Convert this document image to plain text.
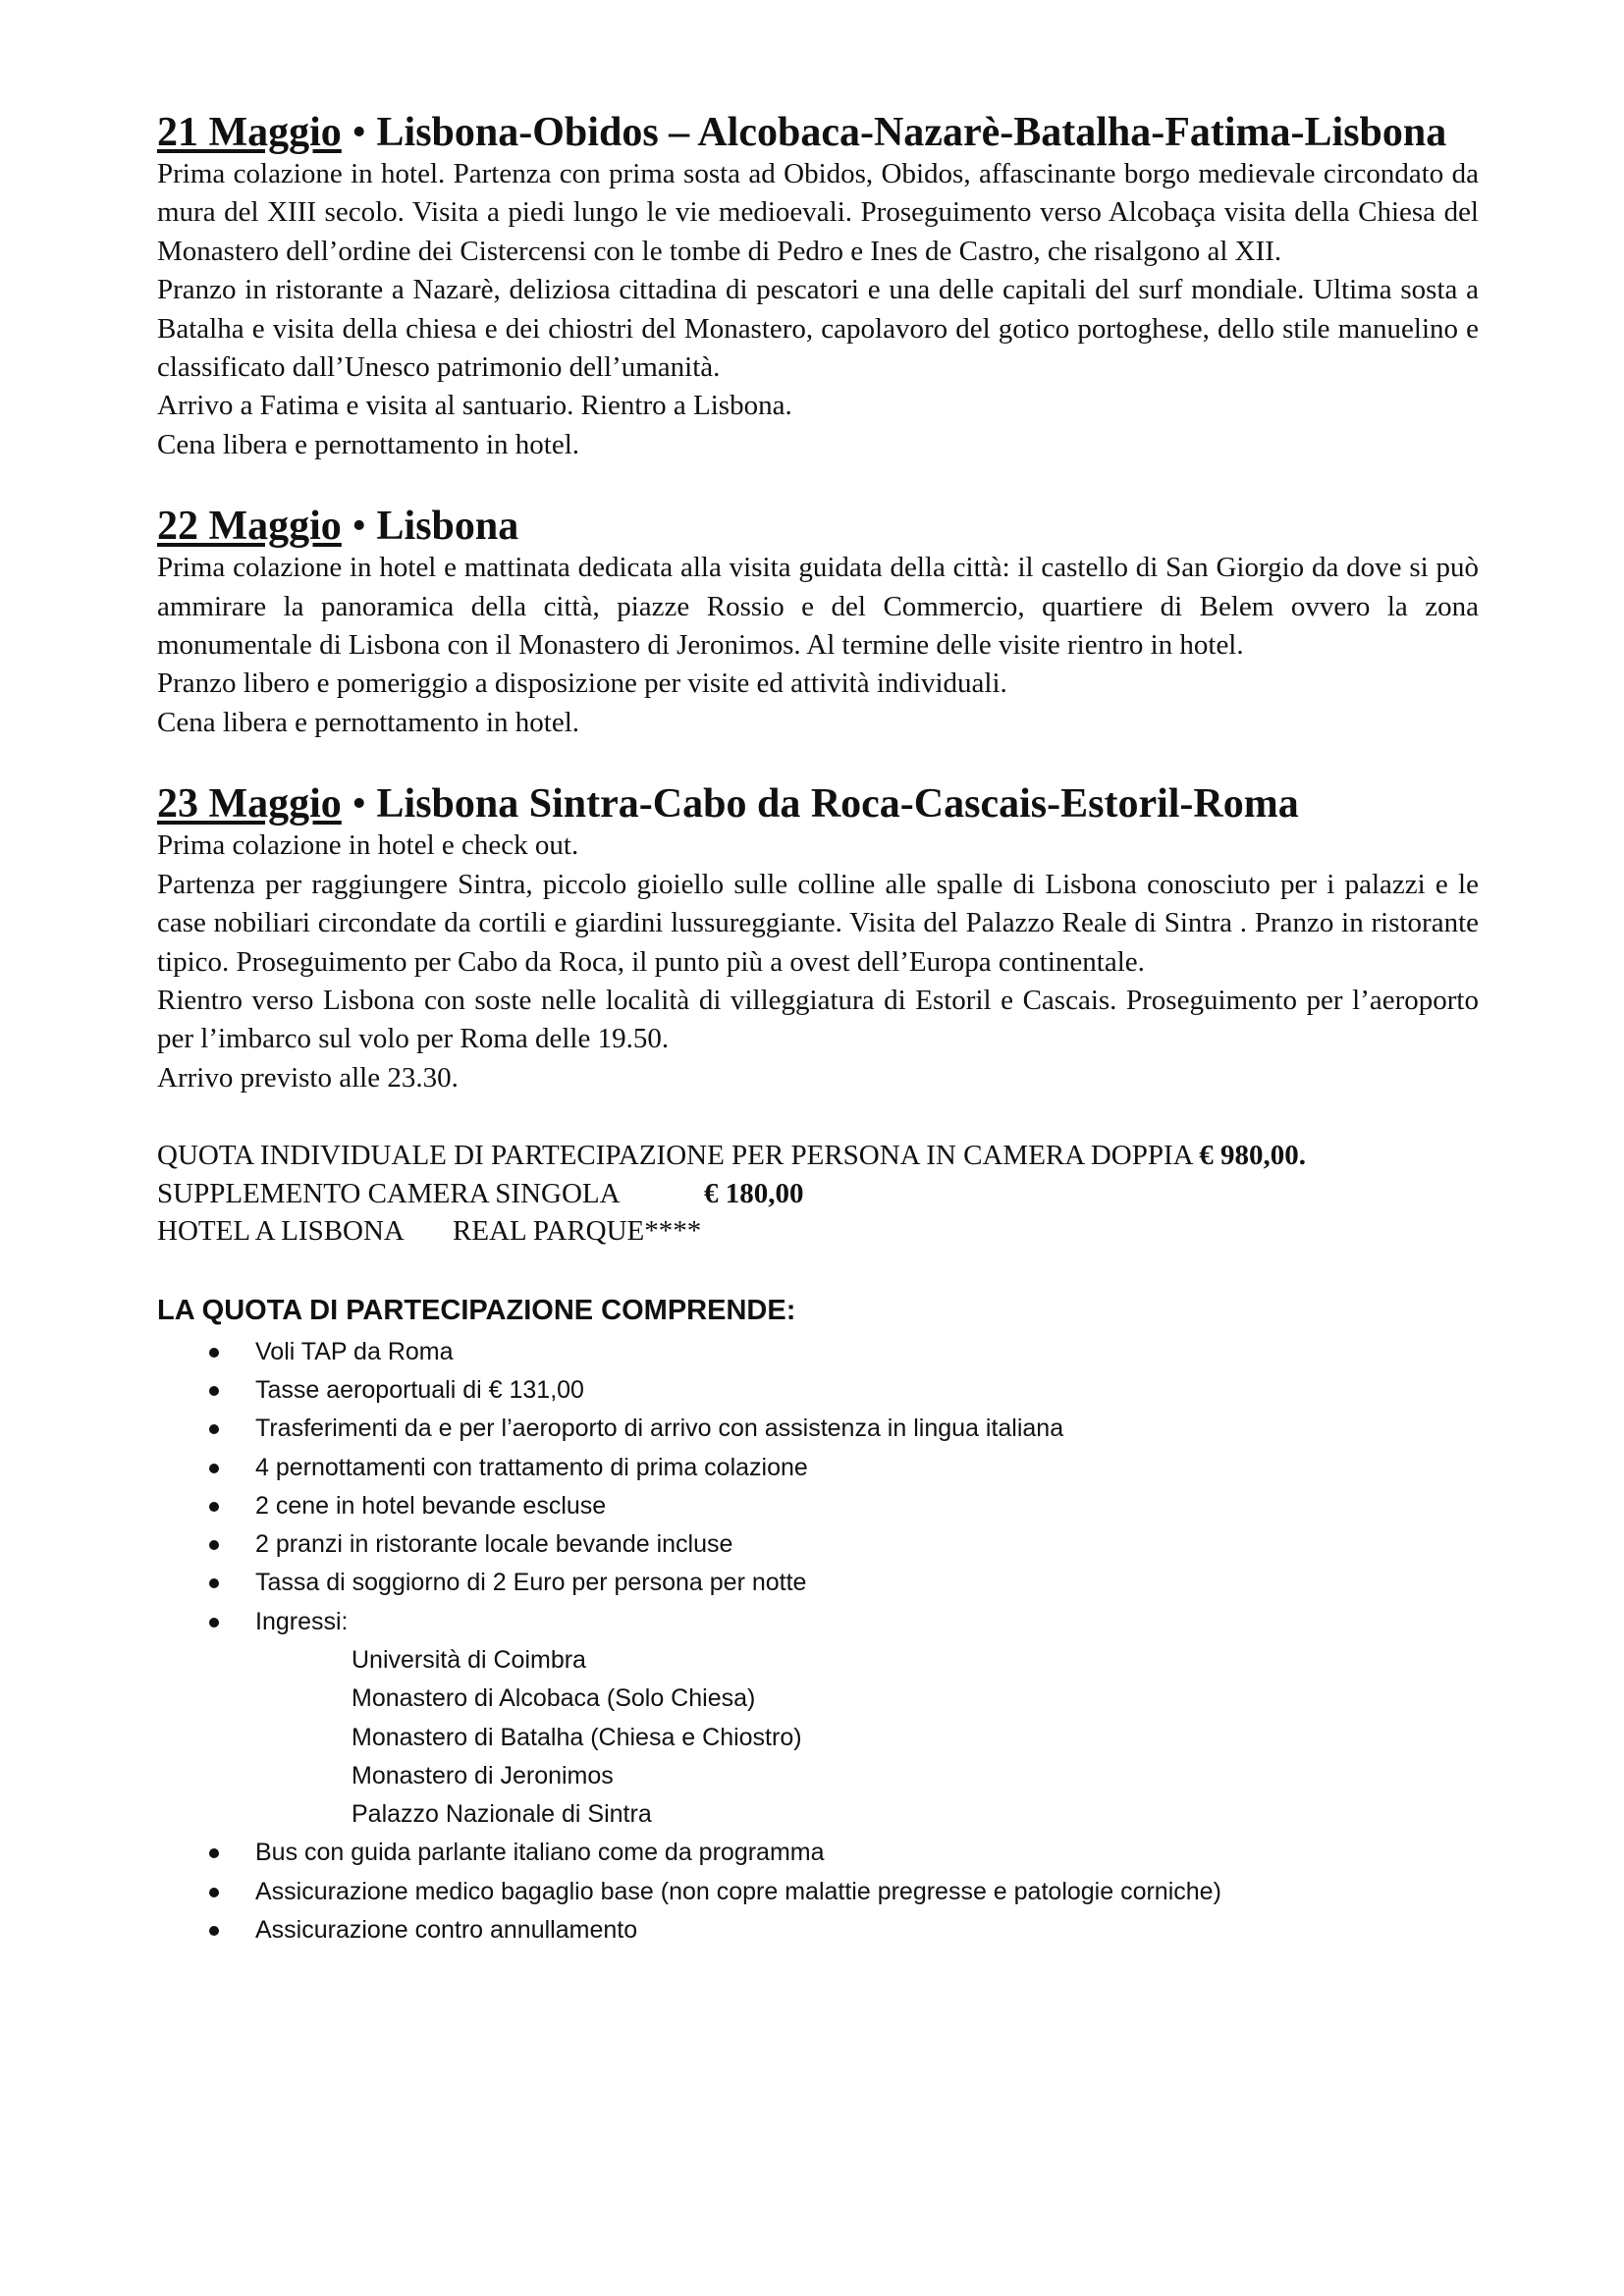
21 Maggio • Lisbona-Obidos – Alcobaca-Nazarè-Batalha-Fatima-Lisbona

Prima colazione in hotel. Partenza con prima sosta ad Obidos, Obidos, affascinante borgo medievale circondato da mura del XIII secolo. Visita a piedi lungo le vie medioevali. Proseguimento verso Alcobaça visita della Chiesa del Monastero dell’ordine dei Cistercensi con le tombe di Pedro e Ines de Castro, che risalgono al XII.

Pranzo in ristorante a Nazarè, deliziosa cittadina di pescatori e una delle capitali del surf mondiale. Ultima sosta a Batalha e visita della chiesa e dei chiostri del Monastero, capolavoro del gotico portoghese, dello stile manuelino e classificato dall’Unesco patrimonio dell’umanità.

Arrivo a Fatima e visita al santuario. Rientro a Lisbona.

Cena libera e pernottamento in hotel.

22 Maggio • Lisbona

Prima colazione in hotel e mattinata dedicata alla visita guidata della città: il castello di San Giorgio da dove si può ammirare la panoramica della città, piazze Rossio e del Commercio, quartiere di Belem ovvero la zona monumentale di Lisbona con il Monastero di Jeronimos. Al termine delle visite rientro in hotel.

Pranzo libero e pomeriggio a disposizione per visite ed attività individuali.

Cena libera e pernottamento in hotel.

23 Maggio • Lisbona Sintra-Cabo da Roca-Cascais-Estoril-Roma

Prima colazione in hotel e check out.

Partenza per raggiungere Sintra, piccolo gioiello sulle colline alle spalle di Lisbona conosciuto per i palazzi e le case nobiliari circondate da cortili e giardini lussureggiante. Visita del Palazzo Reale di Sintra . Pranzo in ristorante tipico. Proseguimento per Cabo da Roca, il punto più a ovest dell’Europa continentale.

Rientro verso Lisbona con soste nelle località di villeggiatura di Estoril e Cascais. Proseguimento per l’aeroporto per l’imbarco sul volo per Roma delle 19.50.

Arrivo previsto alle 23.30.

QUOTA INDIVIDUALE DI PARTECIPAZIONE PER PERSONA IN CAMERA DOPPIA € 980,00.
SUPPLEMENTO CAMERA SINGOLA            € 180,00
HOTEL A LISBONA       REAL PARQUE****
LA QUOTA DI PARTECIPAZIONE COMPRENDE:
Voli TAP da Roma
Tasse aeroportuali di € 131,00
Trasferimenti da e per l’aeroporto di arrivo con assistenza in lingua italiana
4 pernottamenti con trattamento di prima colazione
2 cene in hotel bevande escluse
2 pranzi in ristorante locale bevande incluse
Tassa di soggiorno di 2 Euro per persona per notte
Ingressi:
Università di Coimbra
Monastero di Alcobaca (Solo Chiesa)
Monastero di Batalha (Chiesa e Chiostro)
Monastero di Jeronimos
Palazzo Nazionale di Sintra
Bus con guida parlante italiano come da programma
Assicurazione medico bagaglio base (non copre malattie pregresse e patologie corniche)
Assicurazione contro annullamento
